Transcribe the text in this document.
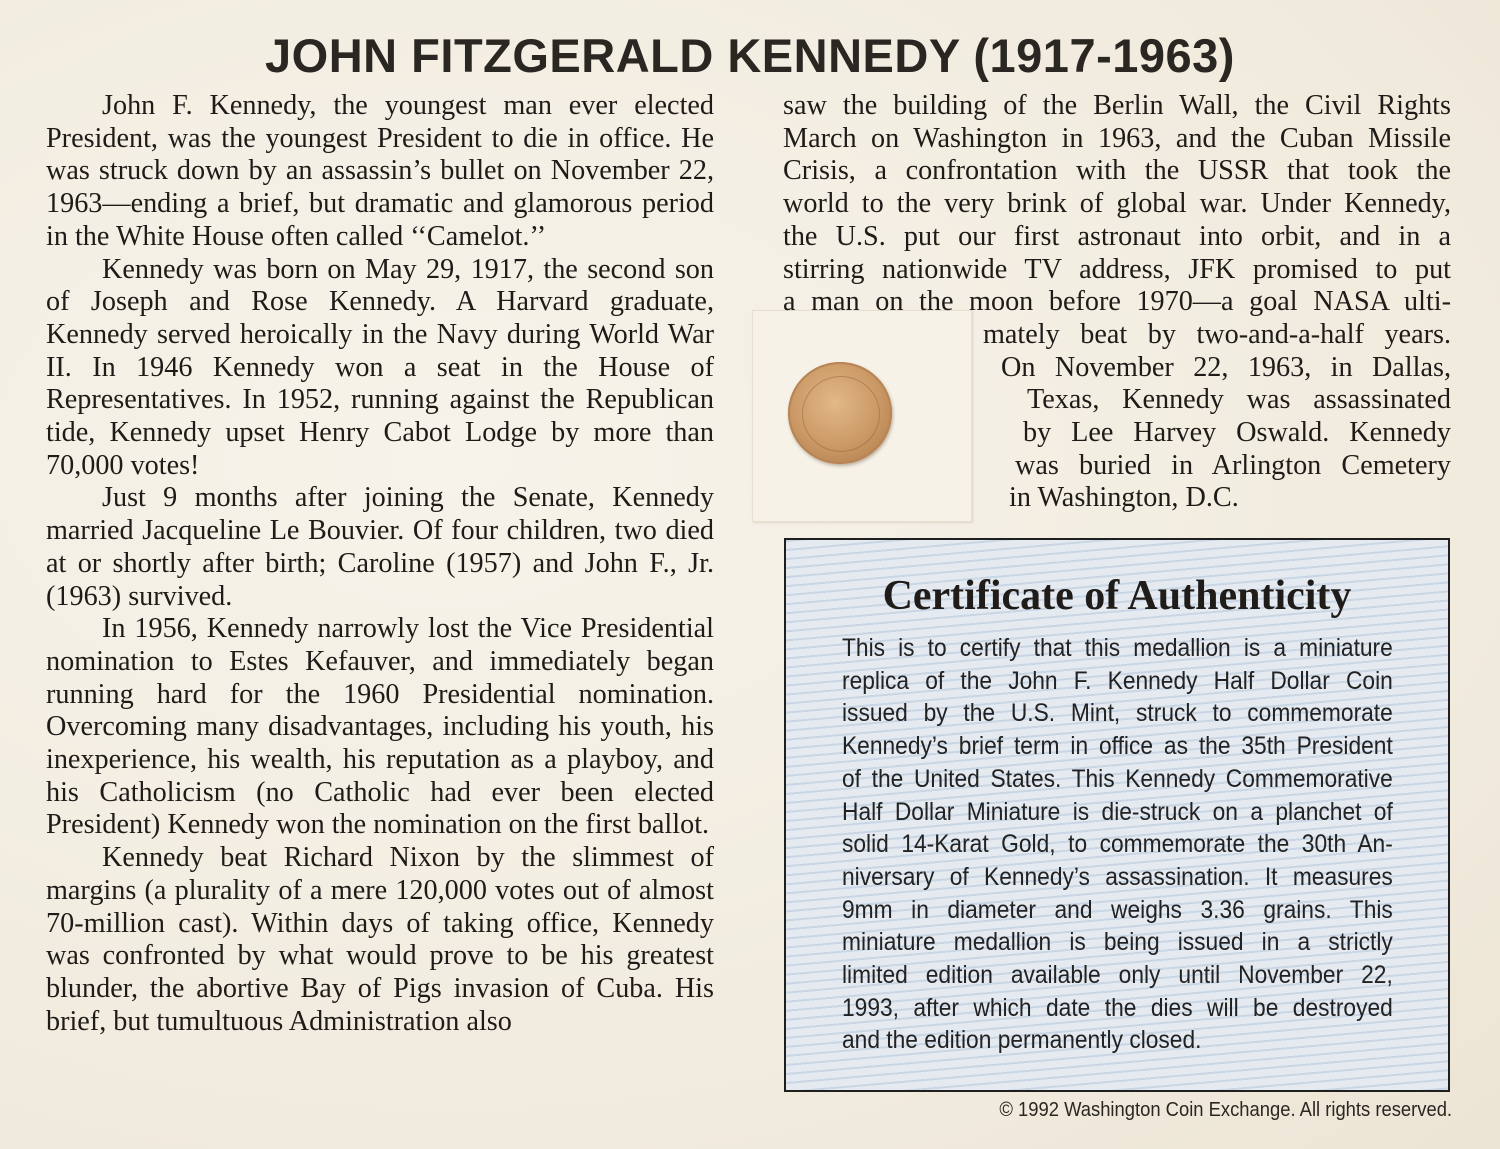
JOHN FITZGERALD KENNEDY (1917-1963)

John F. Kennedy, the youngest man ever elected President, was the youngest President to die in office. He was struck down by an assassin’s bullet on November 22, 1963—ending a brief, but dramatic and glamorous period in the White House often called ‘‘Camelot.’’

Kennedy was born on May 29, 1917, the second son of Joseph and Rose Kennedy. A Harvard graduate, Kennedy served heroically in the Navy during World War II. In 1946 Kennedy won a seat in the House of Representatives. In 1952, running against the Republican tide, Kennedy upset Henry Cabot Lodge by more than 70,000 votes!

Just 9 months after joining the Senate, Kennedy married Jacqueline Le Bouvier. Of four children, two died at or shortly after birth; Caroline (1957) and John F., Jr. (1963) survived.

In 1956, Kennedy narrowly lost the Vice Presidential nomination to Estes Kefauver, and immediately began running hard for the 1960 Presidential nomination. Overcoming many disadvantages, including his youth, his inexperience, his wealth, his reputation as a playboy, and his Catholicism (no Catholic had ever been elected President) Kennedy won the nomination on the first ballot.

Kennedy beat Richard Nixon by the slimmest of margins (a plurality of a mere 120,000 votes out of almost 70-million cast). Within days of taking office, Kennedy was confronted by what would prove to be his greatest blunder, the abortive Bay of Pigs invasion of Cuba. His brief, but tumultuous Administration also

saw the building of the Berlin Wall, the Civil Rights
March on Washington in 1963, and the Cuban Missile
Crisis, a confrontation with the USSR that took the
world to the very brink of global war. Under Kennedy,
the U.S. put our first astronaut into orbit, and in a
stirring nationwide TV address, JFK promised to put
a man on the moon before 1970—a goal NASA ulti-
mately beat by two-and-a-half years.
On November 22, 1963, in Dallas,
Texas, Kennedy was assassinated
by Lee Harvey Oswald. Kennedy
was buried in Arlington Cemetery
in Washington, D.C.
Certificate of Authenticity
This is to certify that this medallion is a miniature
replica of the John F. Kennedy Half Dollar Coin
issued by the U.S. Mint, struck to commemorate
Kennedy’s brief term in office as the 35th President
of the United States. This Kennedy Commemorative
Half Dollar Miniature is die-struck on a planchet of
solid 14-Karat Gold, to commemorate the 30th An-
niversary of Kennedy’s assassination. It measures
9mm in diameter and weighs 3.36 grains. This
miniature medallion is being issued in a strictly
limited edition available only until November 22,
1993, after which date the dies will be destroyed
and the edition permanently closed.
© 1992 Washington Coin Exchange. All rights reserved.
